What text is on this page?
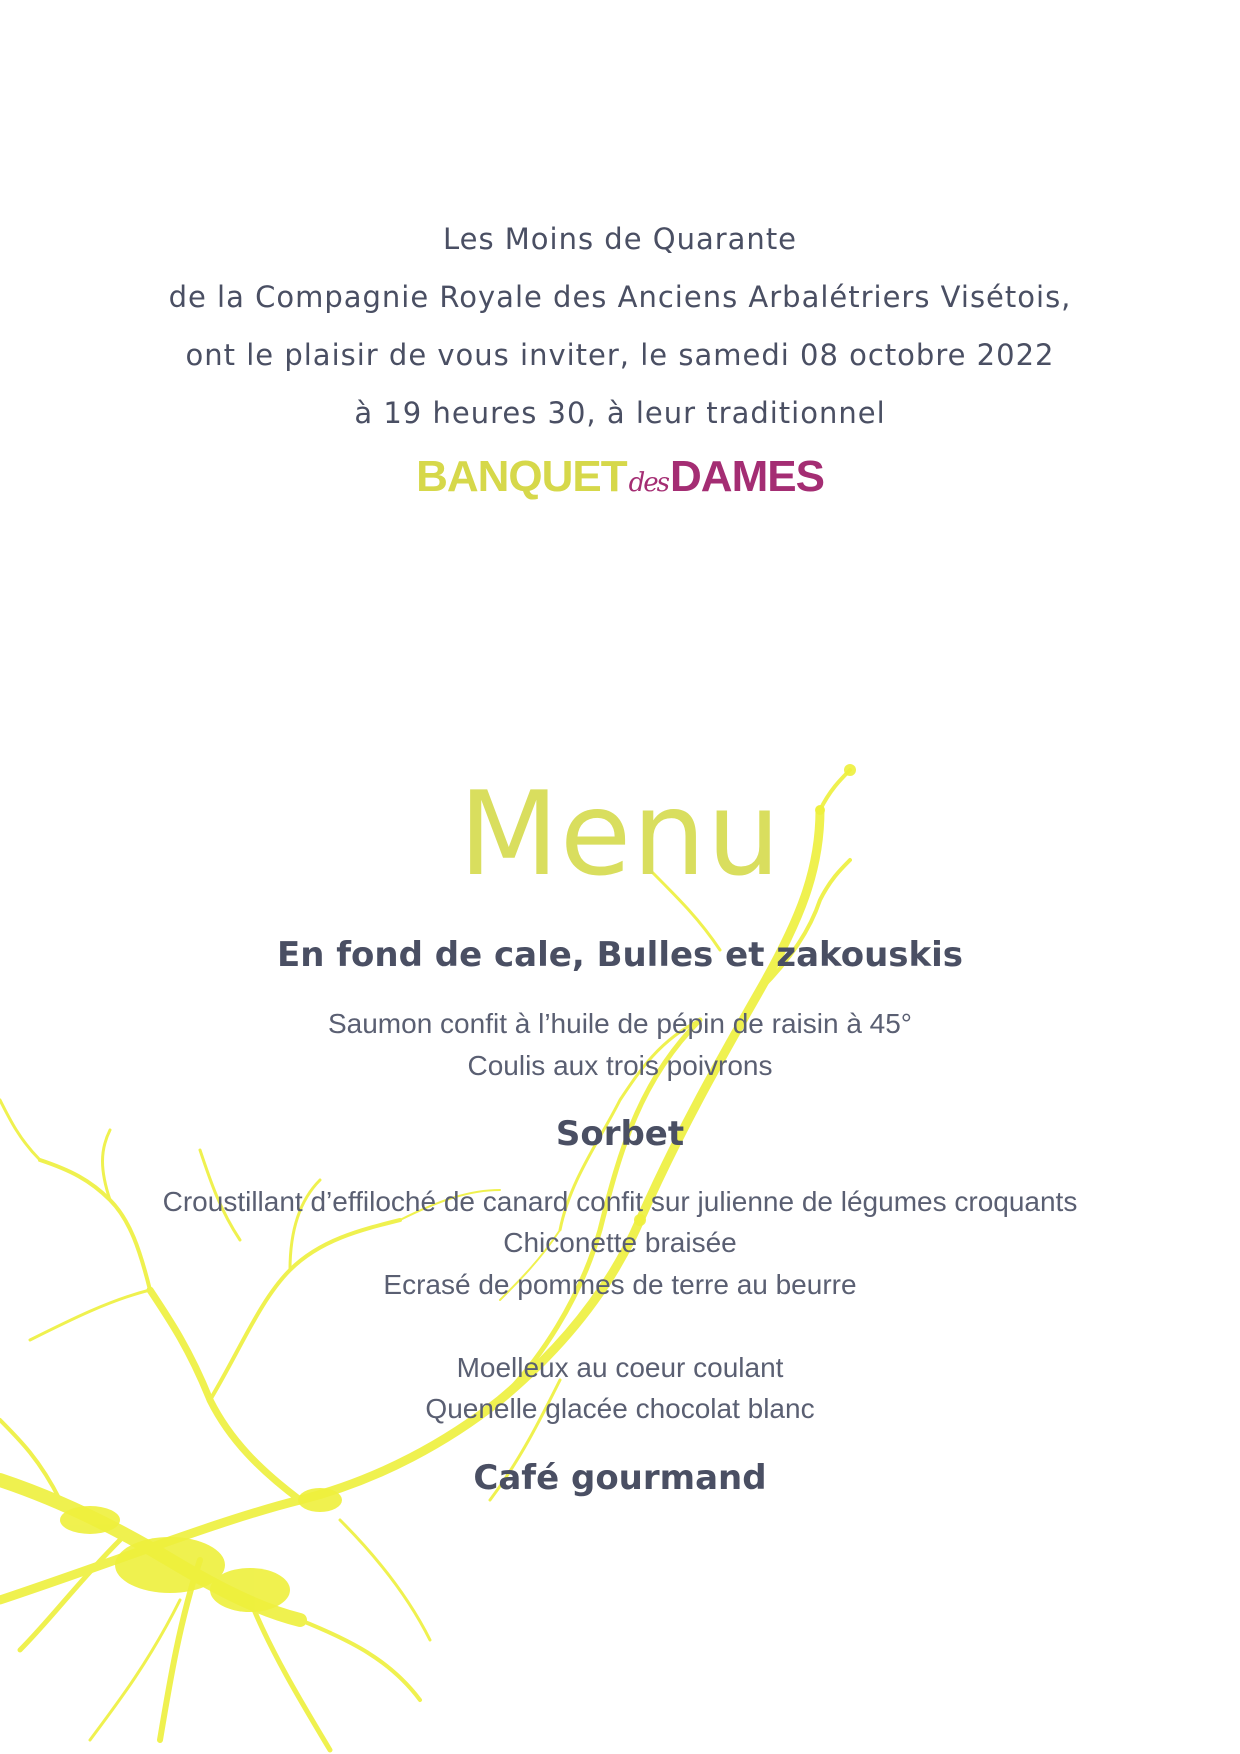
Les Moins de Quarante
de la Compagnie Royale des Anciens Arbalétriers Visétois,
ont le plaisir de vous inviter, le samedi 08 octobre 2022
à 19 heures 30, à leur traditionnel
BANQUETdesDAMES
Menu
En fond de cale, Bulles et zakouskis
Saumon confit à l’huile de pépin de raisin à 45°
Coulis aux trois poivrons
Sorbet
Croustillant d’effiloché de canard confit sur julienne de légumes croquants
Chiconette braisée
Ecrasé de pommes de terre au beurre
Moelleux au coeur coulant
Quenelle glacée chocolat blanc
Café gourmand
